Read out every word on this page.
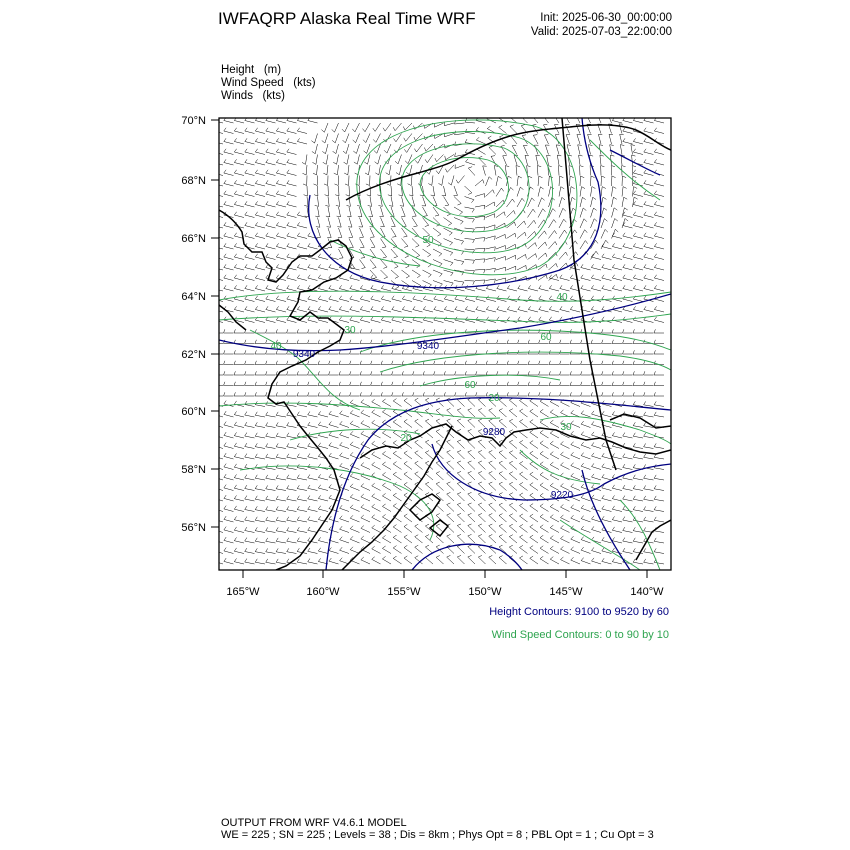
IWFAQRP Alaska Real Time WRF	Init: 2025-06-30_00:00:00
Valid: 2025-07-03_22:00:00
Height (m)
Wind Speed (kts)
Winds (kts)
70°N
68°N
66°N
64°N
62°N
60°N
58°N
56°N
165°W	160°W	155°W	150°W	145°W	140°W
9340
9340
9280
9220
50
40
60
30
40
60
20
20
30
Height Contours: 9100 to 9520 by 60
Wind Speed Contours: 0 to 90 by 10
OUTPUT FROM WRF V4.6.1 MODEL
WE = 225 ; SN = 225 ; Levels = 38 ; Dis = 8km ; Phys Opt = 8 ; PBL Opt = 1 ; Cu Opt = 3
